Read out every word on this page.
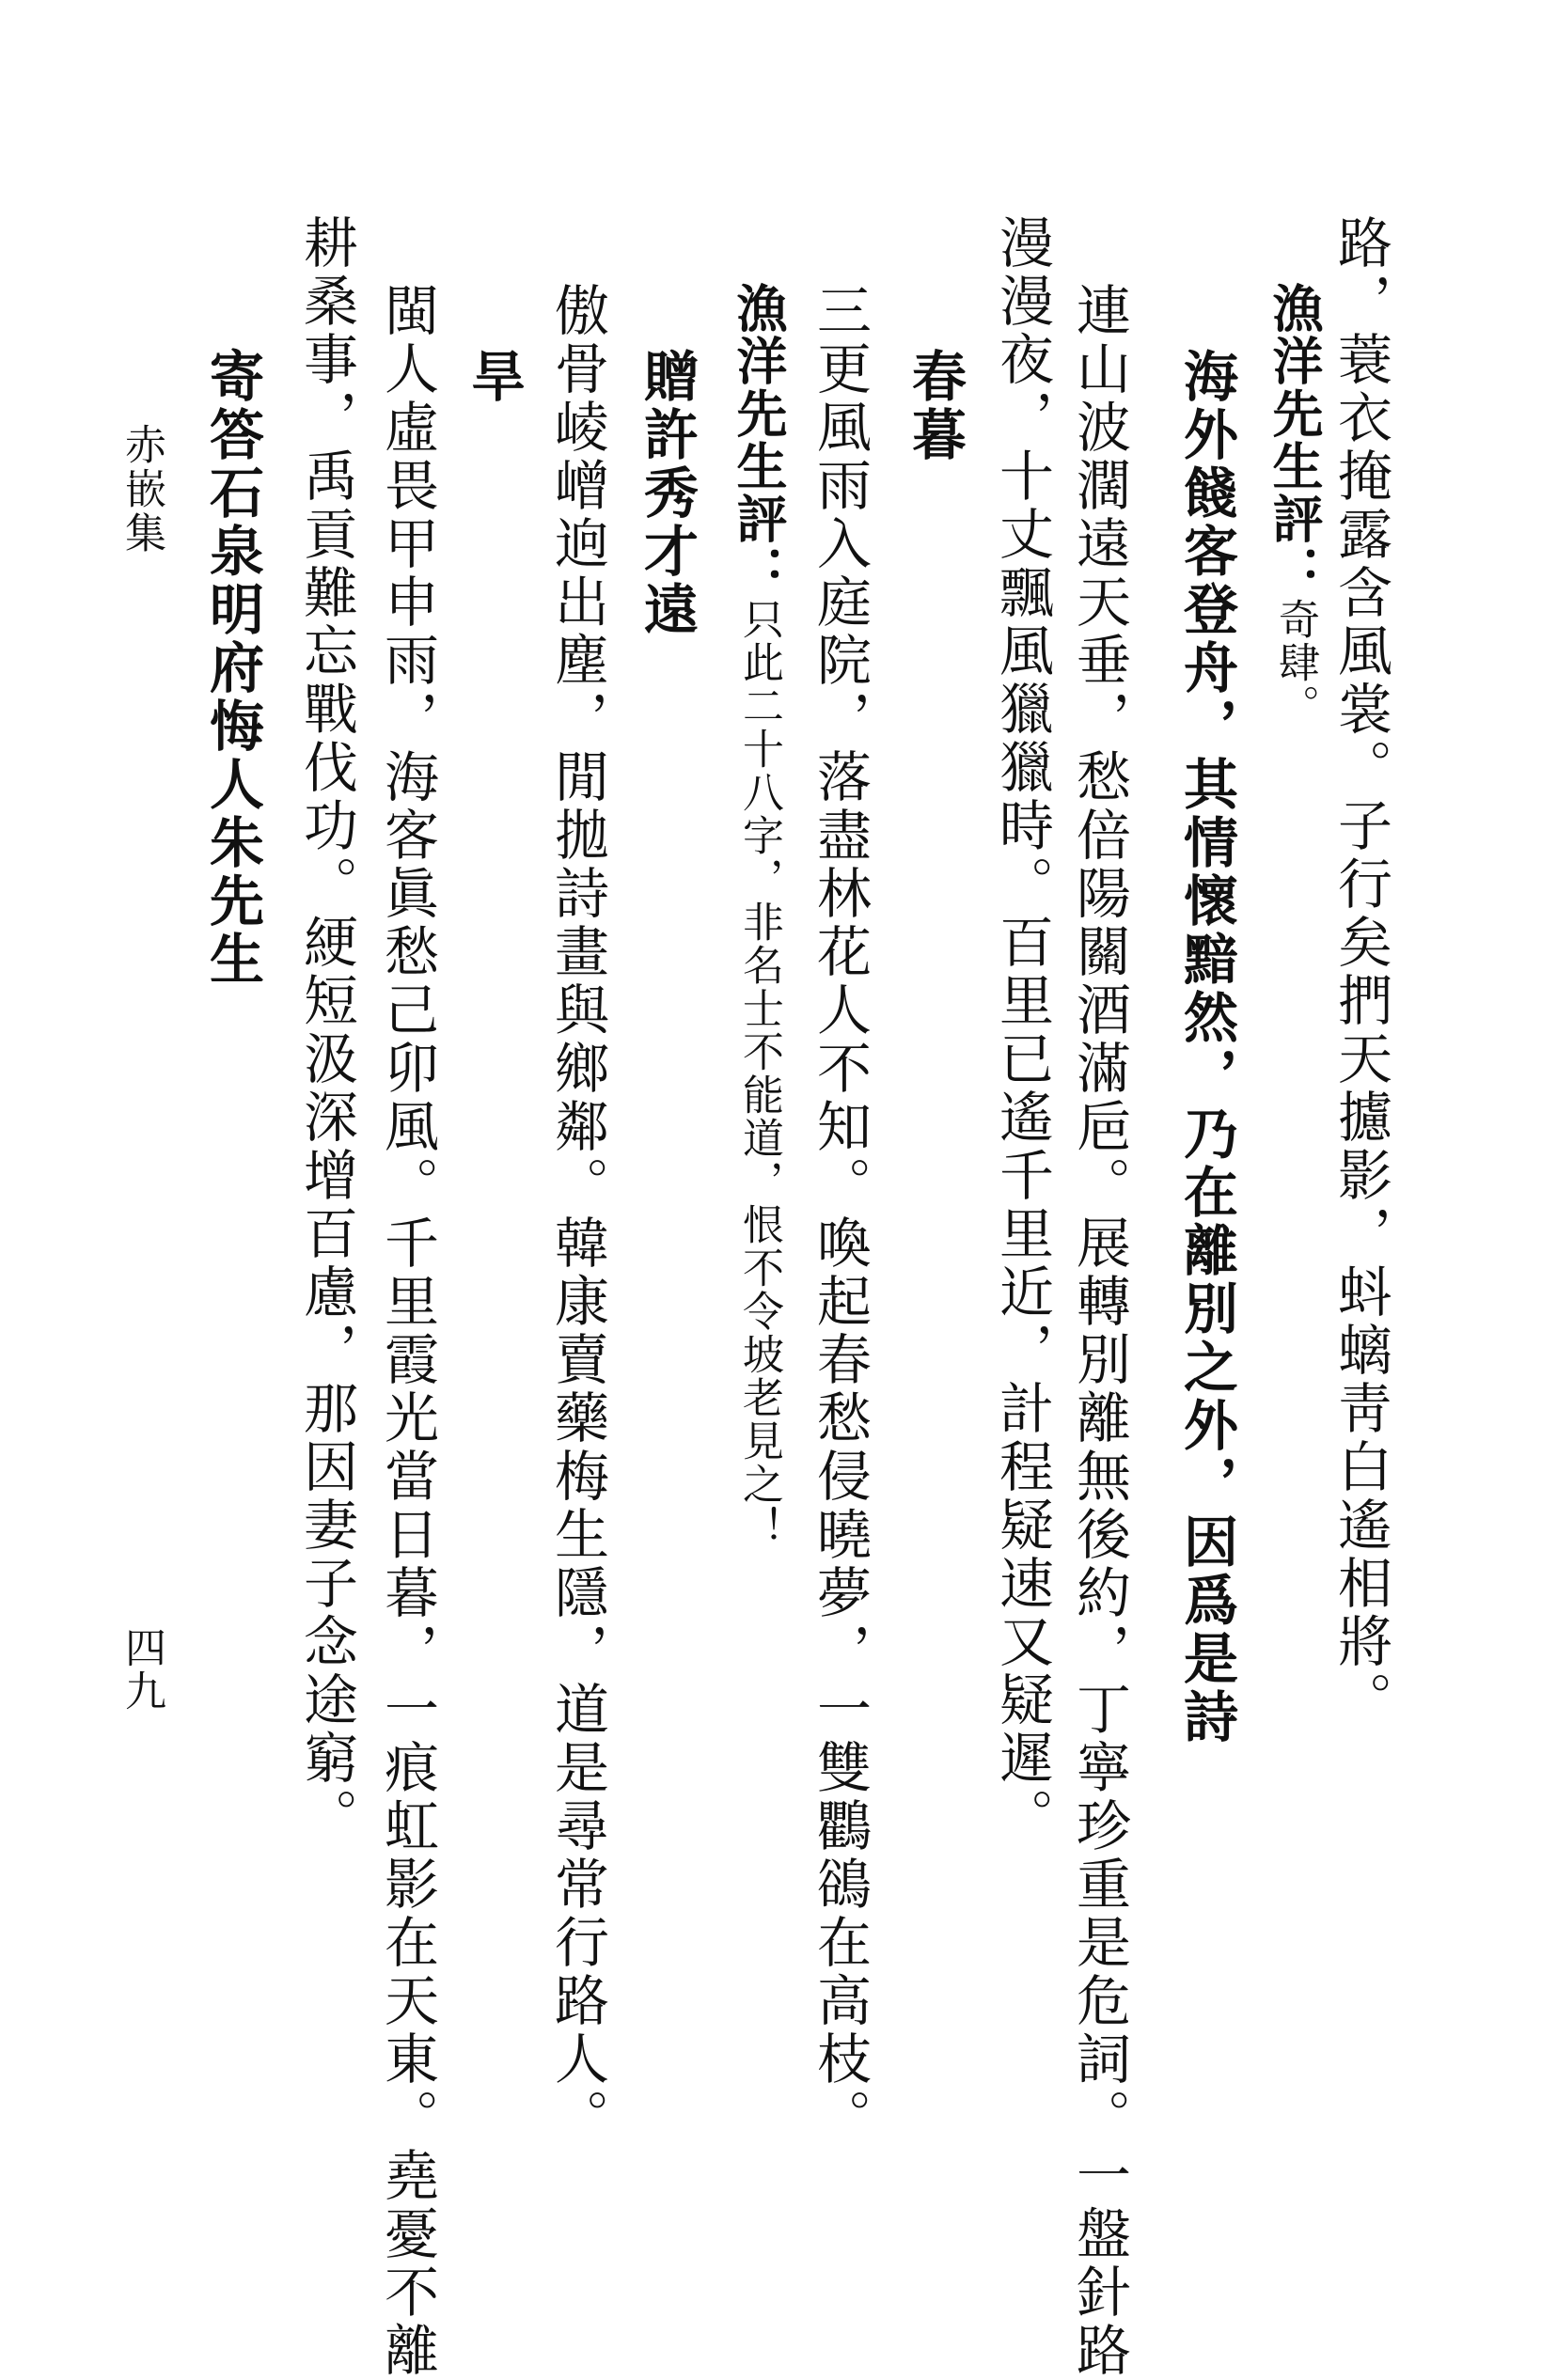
路，蓑衣掩露含風裳。子行矣捫天攄影，蚪螭靑白遙相將。
漁洋先生評：奇肆。
海外餞客登舟，其情懷黯然，乃在離別之外，因爲是詩
連山波濶遠天垂，愁倍陽關酒滿巵。展轉別離無後約，丁寧珍重是危詞。一盤針路
漫漫夜，十丈飄風獵獵時。百里已遙千里近，計程疑速又疑遲。
春暮
三更風雨入庭院，落盡林花人不知。喚起春愁侵曉夢，一雙鸜鵒在高枝。
漁洋先生評：只此二十八字，非名士不能道，恨不令坡老見之！
贈許秀才遠
傲骨崚嶒逈出塵，閒拋詩畫與鄉鄰。韓康賣藥梅生隱，道是尋常行路人。
旱
閩人虛畏甲申雨，海客眞愁己卯風。千里霞光當日暮，一痕虹影在天東。堯憂不離
耕桑事，禹貢難忘戰伐功。綆短汲深增百慮，那因妻子念途窮。
寄答石泉明府悔人朱先生
赤嵌集
四九
